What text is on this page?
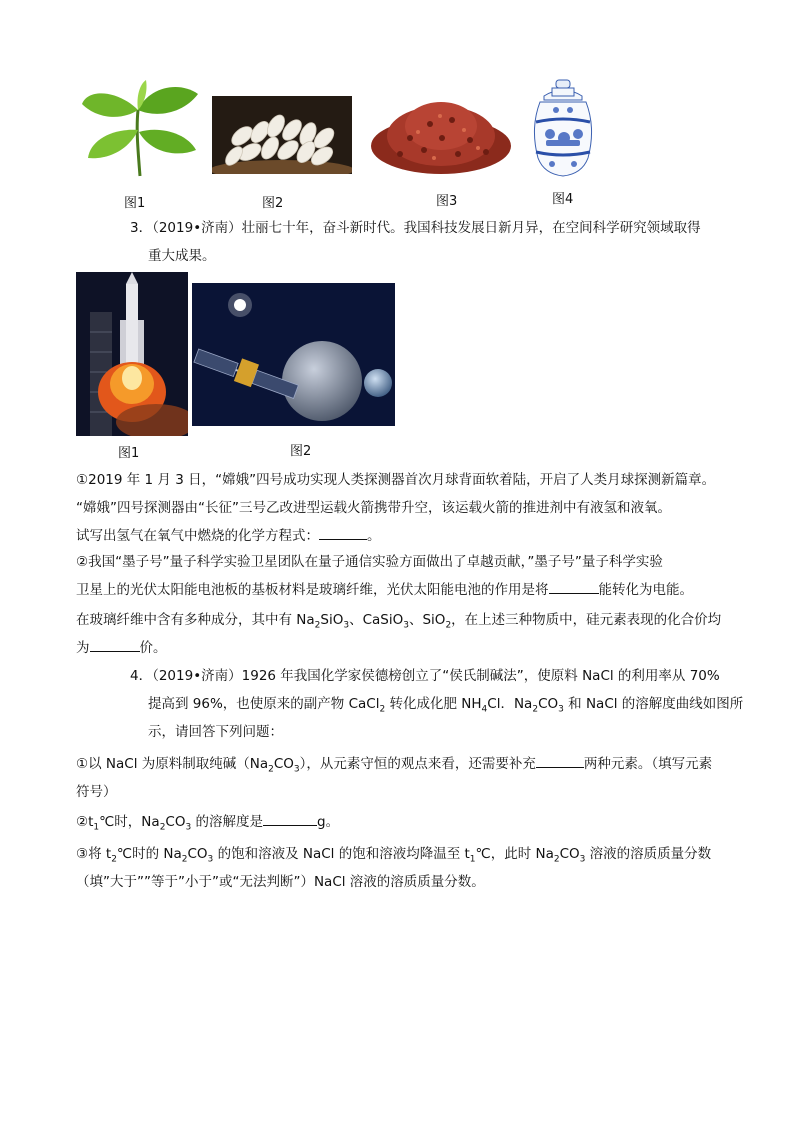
图1	图2	图3	图4
3．（2019•济南）壮丽七十年，奋斗新时代。我国科技发展日新月异，在空间科学研究领域取得
重大成果。
图1	图2
①2019 年 1 月 3 日，“嫦娥”四号成功实现人类探测器首次月球背面软着陆，开启了人类月球探测新篇章。
“嫦娥”四号探测器由“长征”三号乙改进型运载火箭携带升空，该运载火箭的推进剂中有液氢和液氧。
试写出氢气在氧气中燃烧的化学方程式：	。
②我国“墨子号”量子科学实验卫星团队在量子通信实验方面做出了卓越贡献，”墨子号”量子科学实验
卫星上的光伏太阳能电池板的基板材料是玻璃纤维，光伏太阳能电池的作用是将	能转化为电能。
在玻璃纤维中含有多种成分，其中有 $Na_2SiO_3$、CaSiO$_3$、SiO$_2$，在上述三种物质中，硅元素表现的化合价均
为	价。
4．（2019•济南）1926 年我国化学家侯德榜创立了“侯氏制碱法”，使原料 NaCl 的利用率从 70%
提高到 96%，也使原来的副产物 CaCl$_2$ 转化成化肥 $NH_4Cl$．$Na_2CO_3$ 和 NaCl 的溶解度曲线如图所
示，请回答下列问题：
①以 NaCl 为原料制取纯碱$(Na_2CO_3)$，从元素守恒的观点来看，还需要补充	两种元素。（填写元素
符号）
$②t_1℃$时，$Na_2CO_3$ 的溶解度是	g。
③将 $t_2℃$时的 $Na_2CO_3$ 的饱和溶液及 NaCl 的饱和溶液均降温至 $t_1℃$，此时 $Na_2CO_3$ 溶液的溶质质量分数
（填”大于””等于”小于”或“无法判断”）NaCl 溶液的溶质质量分数。
